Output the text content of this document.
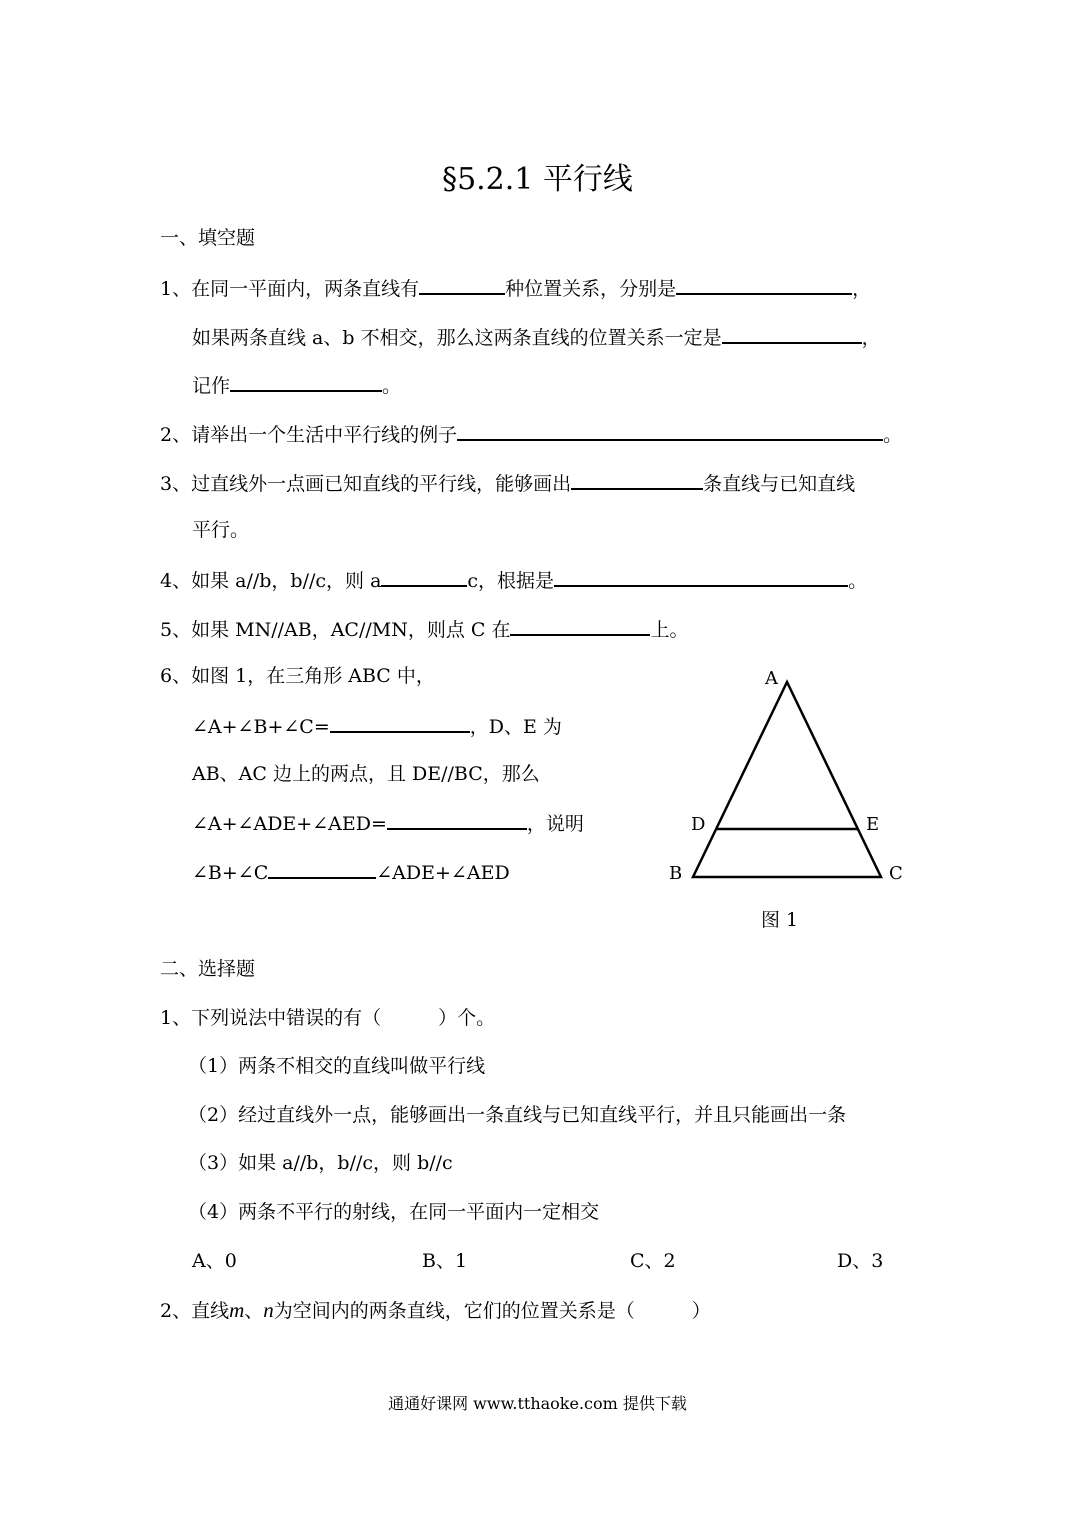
§5.2.1 平行线
一、填空题
1、在同一平面内，两条直线有	种位置关系，分别是	，
如果两条直线 a、b 不相交，那么这两条直线的位置关系一定是	，
记作	。
2、请举出一个生活中平行线的例子	。
3、过直线外一点画已知直线的平行线，能够画出	条直线与已知直线
平行。
4、如果 a//b，b//c，则 a	c，根据是	。
5、如果 MN//AB，AC//MN，则点 C 在	上。
6、如图 1，在三角形 ABC 中，
∠A+∠B+∠C=	，D、E 为
AB、AC 边上的两点，且 DE//BC，那么
∠A+∠ADE+∠AED=	，说明
∠B+∠C	∠ADE+∠AED
A
B	C
D	E
图 1
二、选择题
1、下列说法中错误的有（　　　）个。
（1）两条不相交的直线叫做平行线
（2）经过直线外一点，能够画出一条直线与已知直线平行，并且只能画出一条
（3）如果 a//b，b//c，则 b//c
（4）两条不平行的射线，在同一平面内一定相交
A、0	B、1	C、2	D、3
2、直线m、n为空间内的两条直线，它们的位置关系是（　　　）
通通好课网 www.tthaoke.com 提供下载
